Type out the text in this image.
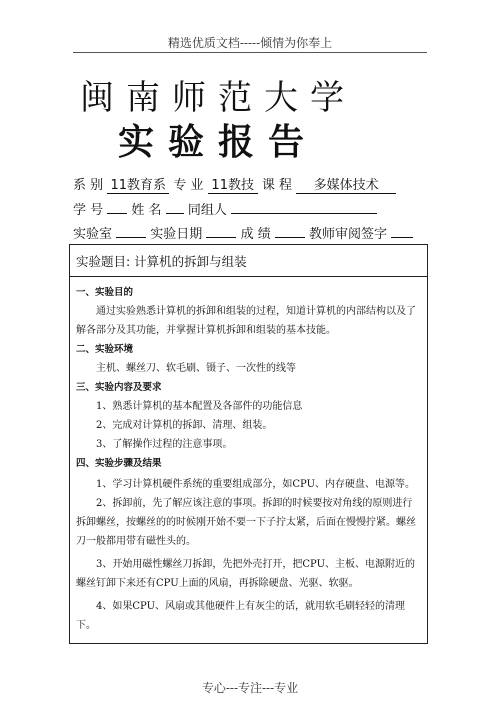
精选优质文档-----倾情为你奉上
闽南师范大学
实验报告
系 别 11教育系 专 业 11教技 课 程 多媒体技术
学 号 姓 名 同组人
实验室	实验日期	成 绩	教师审阅签字
实验题目: 计算机的拆卸与组装
一、实验目的
通过实验熟悉计算机的拆卸和组装的过程，知道计算机的内部结构以及了解各部分及其功能，并掌握计算机拆卸和组装的基本技能。
二、实验环境
主机、螺丝刀、软毛刷、镊子、一次性的线等
三、实验内容及要求
1、熟悉计算机的基本配置及各部件的功能信息
2、完成对计算机的拆卸、清理、组装。
3、了解操作过程的注意事项。
四、实验步骤及结果
1、学习计算机硬件系统的重要组成部分，如CPU、内存硬盘、电源等。
2、拆卸前，先了解应该注意的事项。拆卸的时候要按对角线的原则进行拆卸螺丝，按螺丝的的时候刚开始不要一下子拧太紧，后面在慢慢拧紧。螺丝刀一般都用带有磁性头的。
3、开始用磁性螺丝刀拆卸，先把外壳打开，把CPU、主板、电源附近的螺丝钉卸下来还有CPU上面的风扇，再拆除硬盘、光驱、软驱。
4、如果CPU、风扇或其他硬件上有灰尘的话，就用软毛刷轻轻的清理下。
专心---专注---专业
